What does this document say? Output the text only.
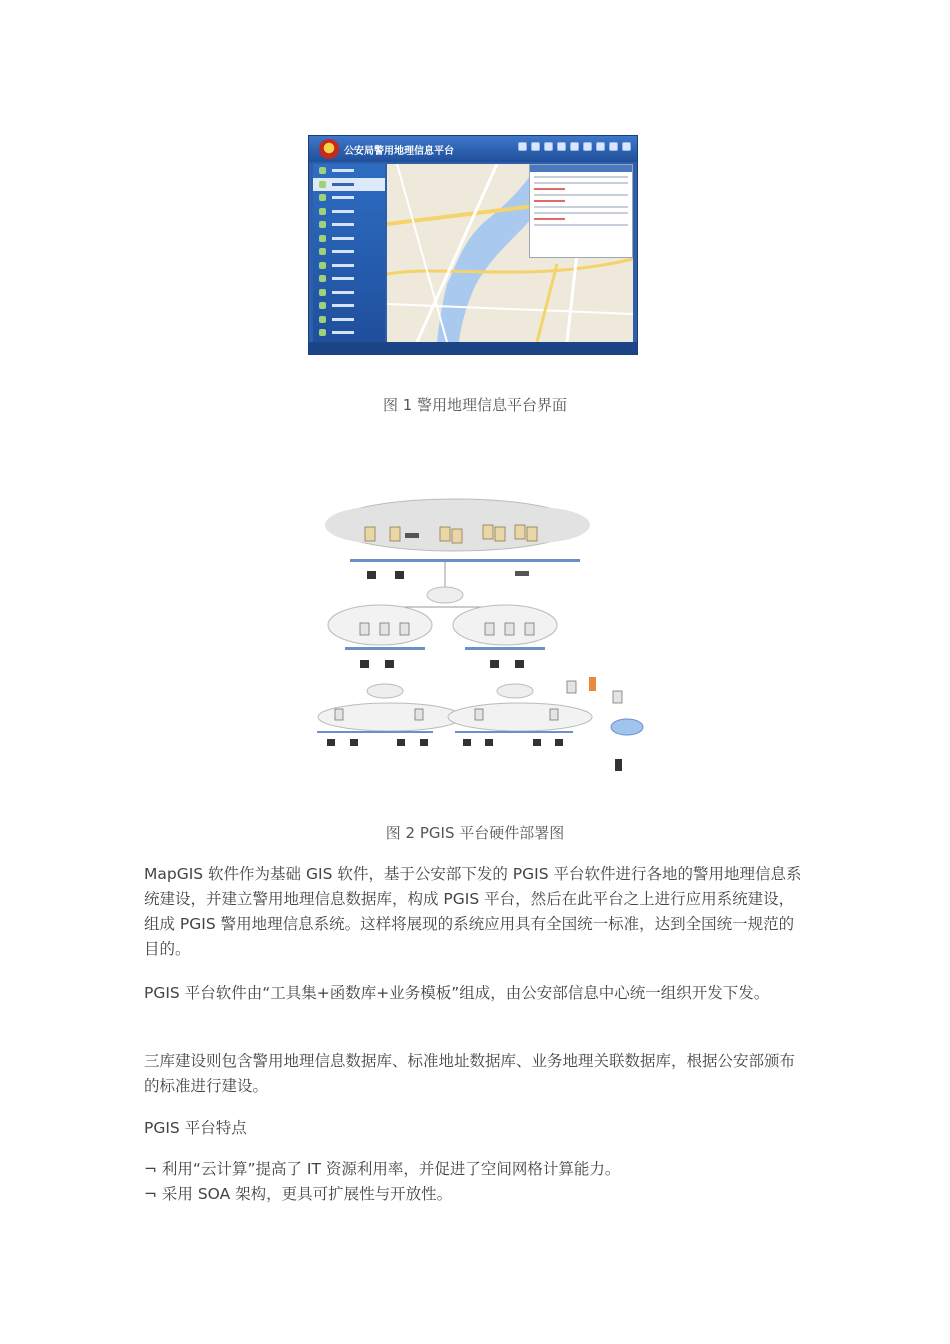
公安局警用地理信息平台

图 1 警用地理信息平台界面

图 2 PGIS 平台硬件部署图

MapGIS 软件作为基础 GIS 软件，基于公安部下发的 PGIS 平台软件进行各地的警用地理信息系统建设，并建立警用地理信息数据库，构成 PGIS 平台，然后在此平台之上进行应用系统建设，组成 PGIS 警用地理信息系统。这样将展现的系统应用具有全国统一标准，达到全国统一规范的目的。

PGIS 平台软件由“工具集+函数库+业务模板”组成，由公安部信息中心统一组织开发下发。

三库建设则包含警用地理信息数据库、标准地址数据库、业务地理关联数据库，根据公安部颁布的标准进行建设。

PGIS 平台特点

¬ 利用“云计算”提高了 IT 资源利用率，并促进了空间网格计算能力。
¬ 采用 SOA 架构，更具可扩展性与开放性。
